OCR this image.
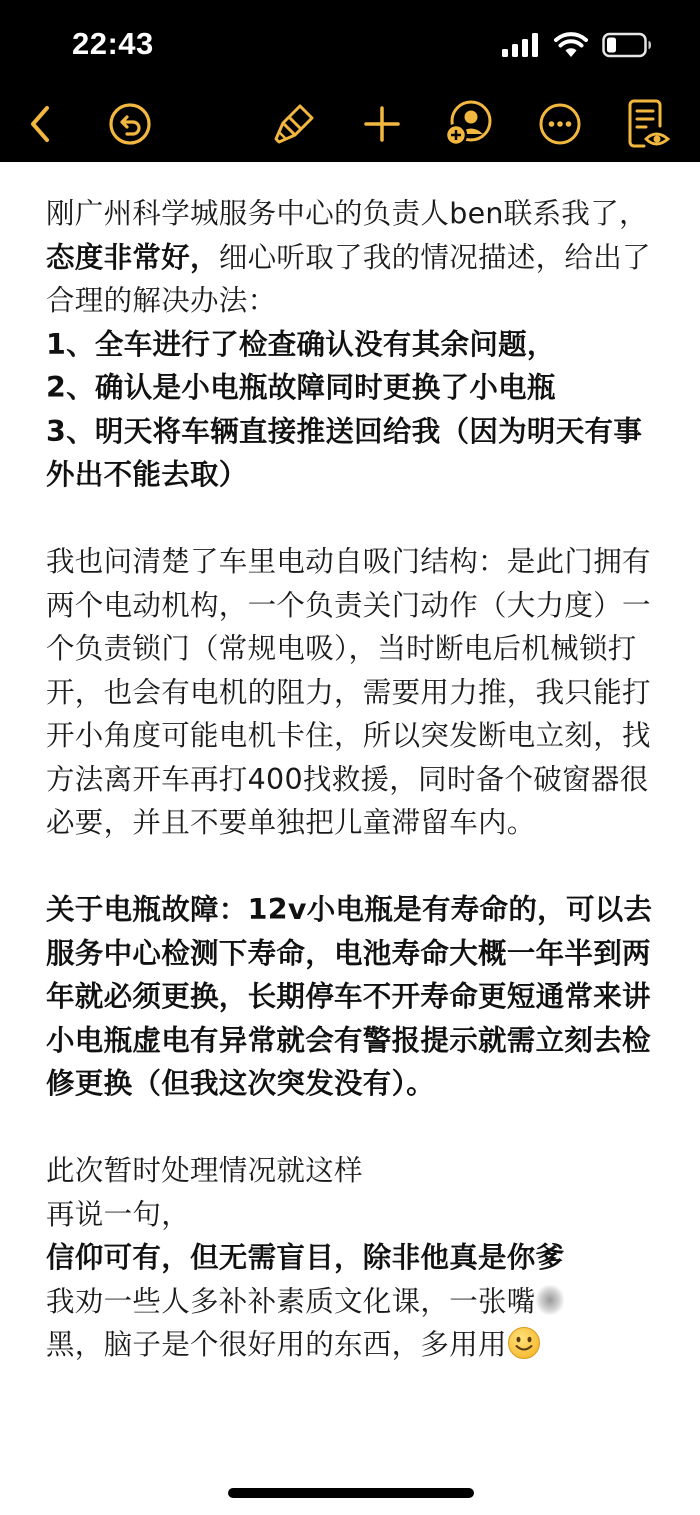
22:43

刚广州科学城服务中心的负责人ben联系我了，态度非常好，细心听取了我的情况描述，给出了合理的解决办法：

1、全车进行了检查确认没有其余问题，

2、确认是小电瓶故障同时更换了小电瓶

3、明天将车辆直接推送回给我（因为明天有事外出不能去取）

我也问清楚了车里电动自吸门结构：是此门拥有两个电动机构，一个负责关门动作（大力度）一个负责锁门（常规电吸），当时断电后机械锁打开，也会有电机的阻力，需要用力推，我只能打开小角度可能电机卡住，所以突发断电立刻，找方法离开车再打400找救援，同时备个破窗器很必要，并且不要单独把儿童滞留车内。

关于电瓶故障：12v小电瓶是有寿命的，可以去服务中心检测下寿命，电池寿命大概一年半到两年就必须更换，长期停车不开寿命更短通常来讲小电瓶虚电有异常就会有警报提示就需立刻去检修更换（但我这次突发没有）。

此次暂时处理情况就这样

再说一句，

信仰可有，但无需盲目，除非他真是你爹

我劝一些人多补补素质文化课，一张嘴

黑，脑子是个很好用的东西，多用用
